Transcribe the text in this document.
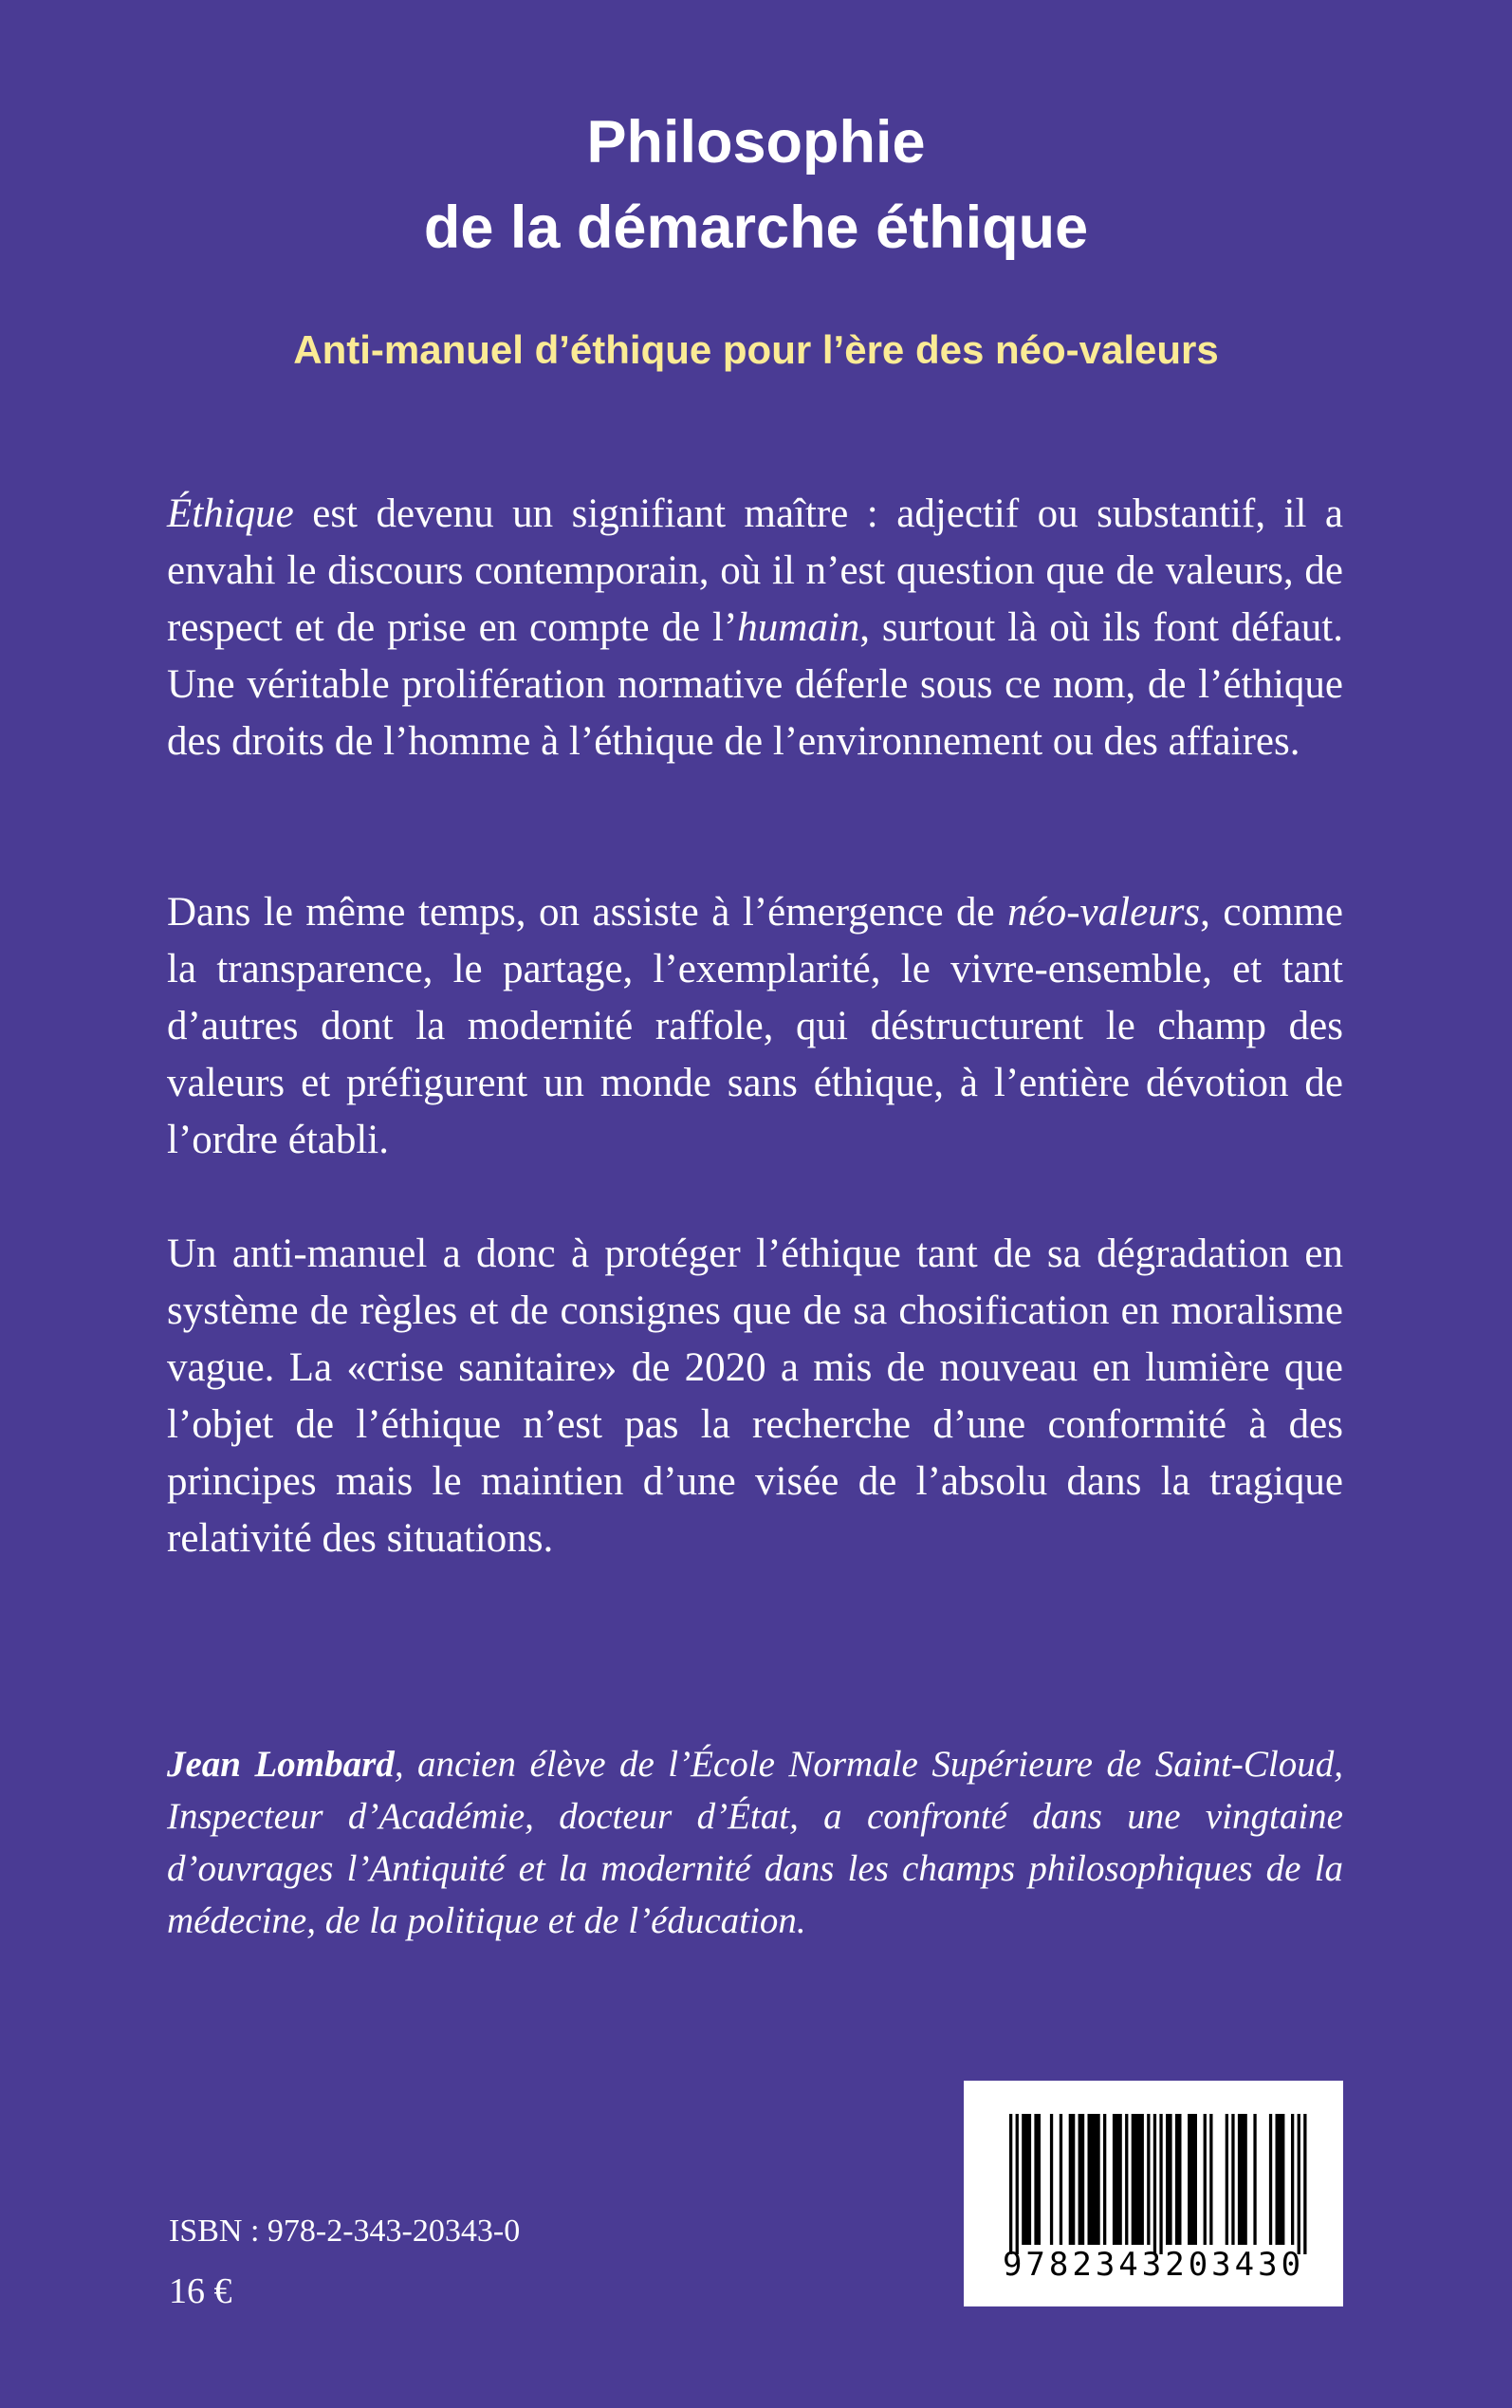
Philosophie
de la démarche éthique
Anti-manuel d’éthique pour l’ère des néo-valeurs

Éthique est devenu un signifiant maître : adjectif ou substantif, il a envahi le discours contemporain, où il n’est question que de valeurs, de respect et de prise en compte de l’humain, surtout là où ils font défaut. Une véritable prolifération normative déferle sous ce nom, de l’éthique des droits de l’homme à l’éthique de l’environnement ou des affaires.

Dans le même temps, on assiste à l’émergence de néo-valeurs, comme la transparence, le partage, l’exemplarité, le vivre-ensemble, et tant d’autres dont la modernité raffole, qui déstructurent le champ des valeurs et préfigurent un monde sans éthique, à l’entière dévotion de l’ordre établi.

Un anti-manuel a donc à protéger l’éthique tant de sa dégradation en système de règles et de consignes que de sa chosification en moralisme vague. La «crise sanitaire» de 2020 a mis de nouveau en lumière que l’objet de l’éthique n’est pas la recherche d’une conformité à des principes mais le maintien d’une visée de l’absolu dans la tragique relativité des situations.

Jean Lombard, ancien élève de l’École Normale Supérieure de Saint-Cloud, Inspecteur d’Académie, docteur d’État, a confronté dans une vingtaine d’ouvrages l’Antiquité et la modernité dans les champs philosophiques de la médecine, de la politique et de l’éducation.

ISBN : 978-2-343-20343-0
16 €
9782343203430
